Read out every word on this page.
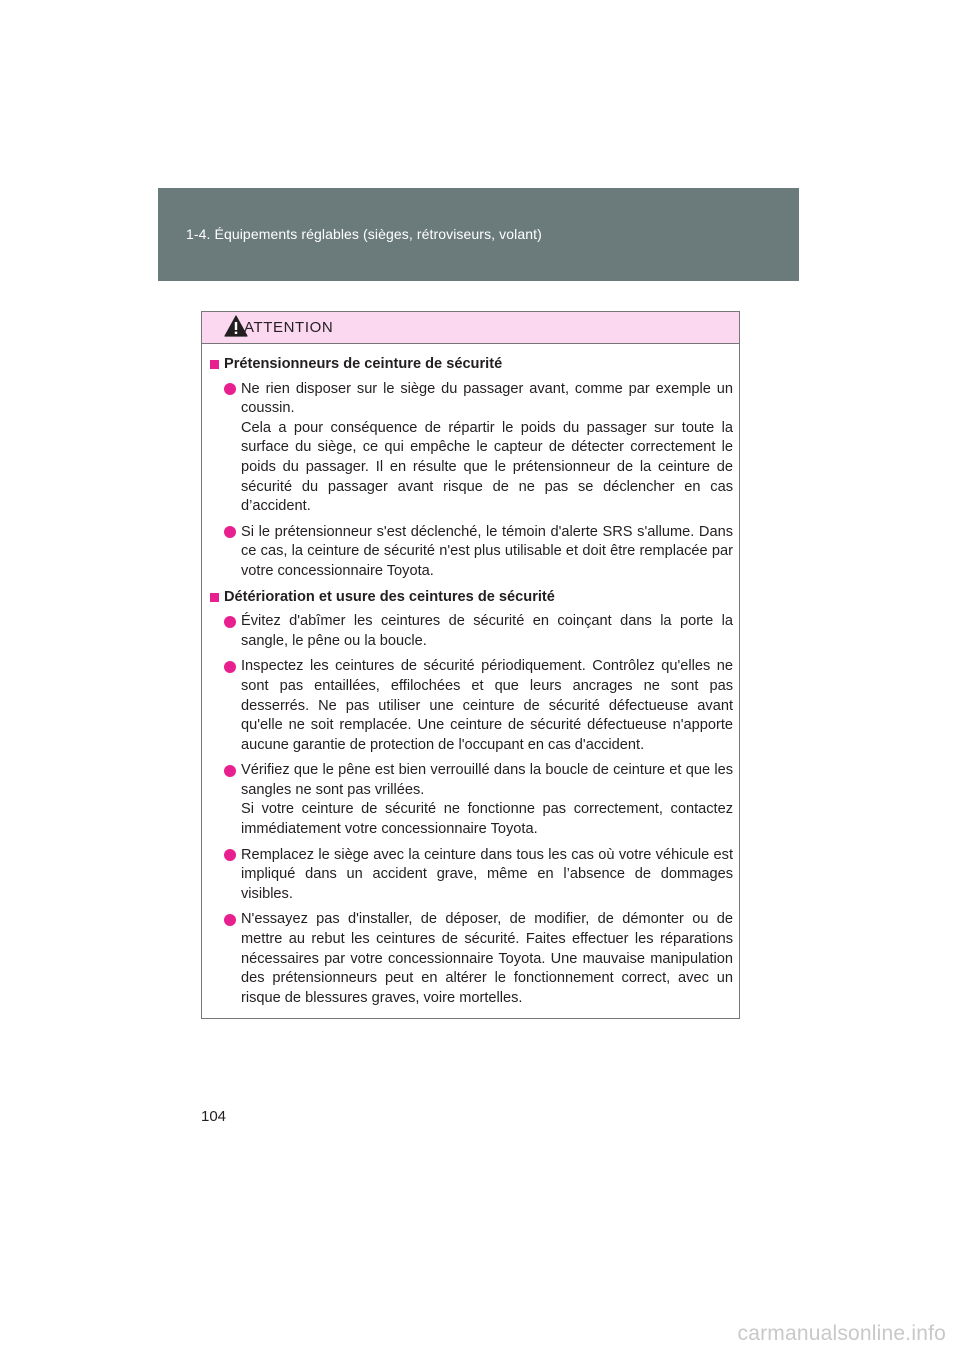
1-4. Équipements réglables (sièges, rétroviseurs, volant)
ATTENTION
Prétensionneurs de ceinture de sécurité

Ne rien disposer sur le siège du passager avant, comme par exemple un coussin.

Cela a pour conséquence de répartir le poids du passager sur toute la surface du siège, ce qui empêche le capteur de détecter correctement le poids du passager. Il en résulte que le prétensionneur de la ceinture de sécurité du passager avant risque de ne pas se déclencher en cas d’accident.

Si le prétensionneur s'est déclenché, le témoin d'alerte SRS s'allume. Dans ce cas, la ceinture de sécurité n'est plus utilisable et doit être remplacée par votre concessionnaire Toyota.

Détérioration et usure des ceintures de sécurité

Évitez d'abîmer les ceintures de sécurité en coinçant dans la porte la sangle, le pêne ou la boucle.

Inspectez les ceintures de sécurité périodiquement. Contrôlez qu'elles ne sont pas entaillées, effilochées et que leurs ancrages ne sont pas desserrés. Ne pas utiliser une ceinture de sécurité défectueuse avant qu'elle ne soit remplacée. Une ceinture de sécurité défectueuse n'apporte aucune garantie de protection de l'occupant en cas d'accident.

Vérifiez que le pêne est bien verrouillé dans la boucle de ceinture et que les sangles ne sont pas vrillées.

Si votre ceinture de sécurité ne fonctionne pas correctement, contactez immédiatement votre concessionnaire Toyota.

Remplacez le siège avec la ceinture dans tous les cas où votre véhicule est impliqué dans un accident grave, même en l’absence de dommages visibles.

N'essayez pas d'installer, de déposer, de modifier, de démonter ou de mettre au rebut les ceintures de sécurité. Faites effectuer les réparations nécessaires par votre concessionnaire Toyota. Une mauvaise manipulation des prétensionneurs peut en altérer le fonctionnement correct, avec un risque de blessures graves, voire mortelles.

104
carmanualsonline.info
